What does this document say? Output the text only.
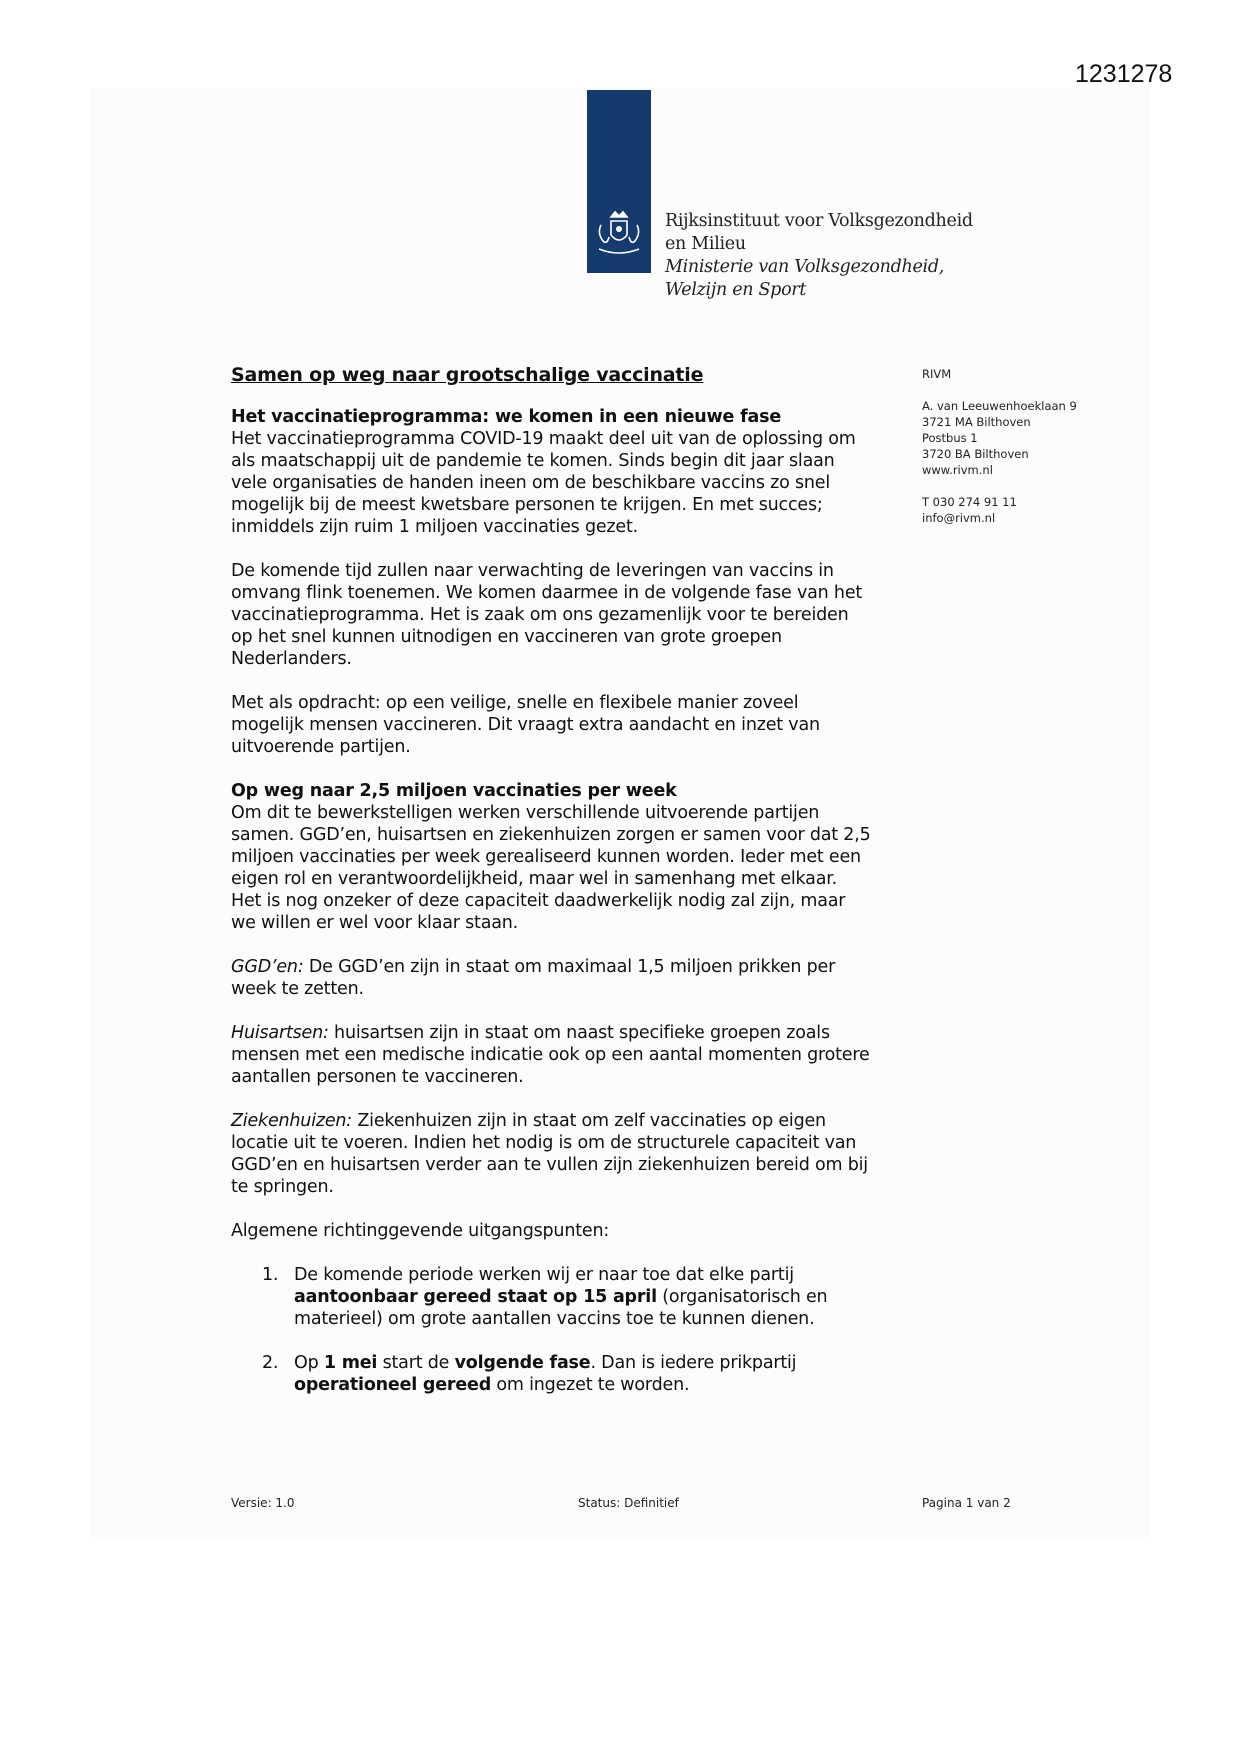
1231278
Rijksinstituut voor Volksgezondheid
en Milieu
Ministerie van Volksgezondheid,
Welzijn en Sport

Samen op weg naar grootschalige vaccinatie

Het vaccinatieprogramma: we komen in een nieuwe fase

Het vaccinatieprogramma COVID-19 maakt deel uit van de oplossing om
als maatschappij uit de pandemie te komen. Sinds begin dit jaar slaan
vele organisaties de handen ineen om de beschikbare vaccins zo snel
mogelijk bij de meest kwetsbare personen te krijgen. En met succes;
inmiddels zijn ruim 1 miljoen vaccinaties gezet.

De komende tijd zullen naar verwachting de leveringen van vaccins in
omvang flink toenemen. We komen daarmee in de volgende fase van het
vaccinatieprogramma. Het is zaak om ons gezamenlijk voor te bereiden
op het snel kunnen uitnodigen en vaccineren van grote groepen
Nederlanders.

Met als opdracht: op een veilige, snelle en flexibele manier zoveel
mogelijk mensen vaccineren. Dit vraagt extra aandacht en inzet van
uitvoerende partijen.

Op weg naar 2,5 miljoen vaccinaties per week

Om dit te bewerkstelligen werken verschillende uitvoerende partijen
samen. GGD’en, huisartsen en ziekenhuizen zorgen er samen voor dat 2,5
miljoen vaccinaties per week gerealiseerd kunnen worden. Ieder met een
eigen rol en verantwoordelijkheid, maar wel in samenhang met elkaar.
Het is nog onzeker of deze capaciteit daadwerkelijk nodig zal zijn, maar
we willen er wel voor klaar staan.

GGD’en: De GGD’en zijn in staat om maximaal 1,5 miljoen prikken per
week te zetten.

Huisartsen: huisartsen zijn in staat om naast specifieke groepen zoals
mensen met een medische indicatie ook op een aantal momenten grotere
aantallen personen te vaccineren.

Ziekenhuizen: Ziekenhuizen zijn in staat om zelf vaccinaties op eigen
locatie uit te voeren. Indien het nodig is om de structurele capaciteit van
GGD’en en huisartsen verder aan te vullen zijn ziekenhuizen bereid om bij
te springen.

Algemene richtinggevende uitgangspunten:

1. De komende periode werken wij er naar toe dat elke partij
aantoonbaar gereed staat op 15 april (organisatorisch en
materieel) om grote aantallen vaccins toe te kunnen dienen.
2. Op 1 mei start de volgende fase. Dan is iedere prikpartij
operationeel gereed om ingezet te worden.

RIVM

A. van Leeuwenhoeklaan 9

3721 MA Bilthoven

Postbus 1

3720 BA Bilthoven

www.rivm.nl

T 030 274 91 11

info@rivm.nl

Versie: 1.0	Status: Definitief	Pagina 1 van 2
